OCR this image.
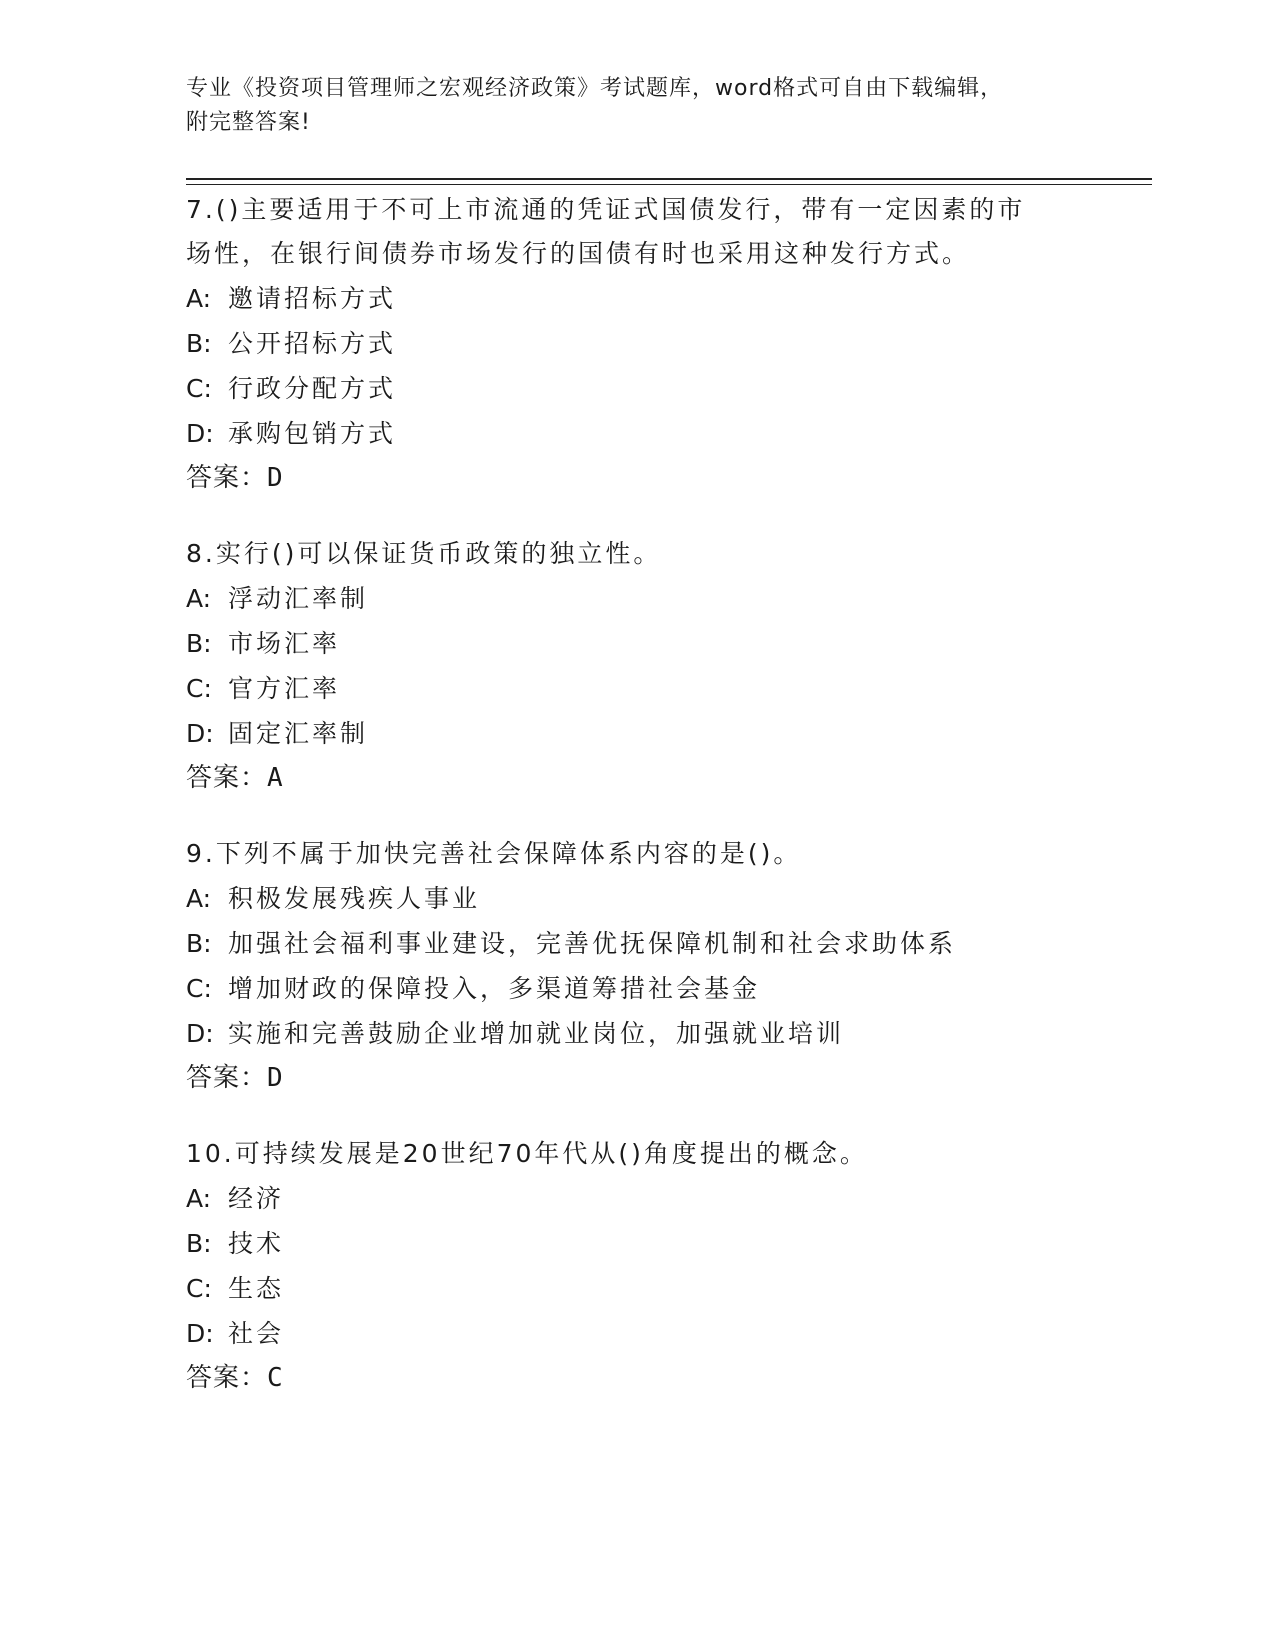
专业《投资项目管理师之宏观经济政策》考试题库，word格式可自由下载编辑，
附完整答案!
7.()主要适用于不可上市流通的凭证式国债发行，带有一定因素的市
场性，在银行间债券市场发行的国债有时也采用这种发行方式。
A: 邀请招标方式
B: 公开招标方式
C: 行政分配方式
D: 承购包销方式
答案：D
8.实行()可以保证货币政策的独立性。
A: 浮动汇率制
B: 市场汇率
C: 官方汇率
D: 固定汇率制
答案：A
9.下列不属于加快完善社会保障体系内容的是()。
A: 积极发展残疾人事业
B: 加强社会福利事业建设，完善优抚保障机制和社会求助体系
C: 增加财政的保障投入，多渠道筹措社会基金
D: 实施和完善鼓励企业增加就业岗位，加强就业培训
答案：D
10.可持续发展是20世纪70年代从()角度提出的概念。
A: 经济
B: 技术
C: 生态
D: 社会
答案：C
